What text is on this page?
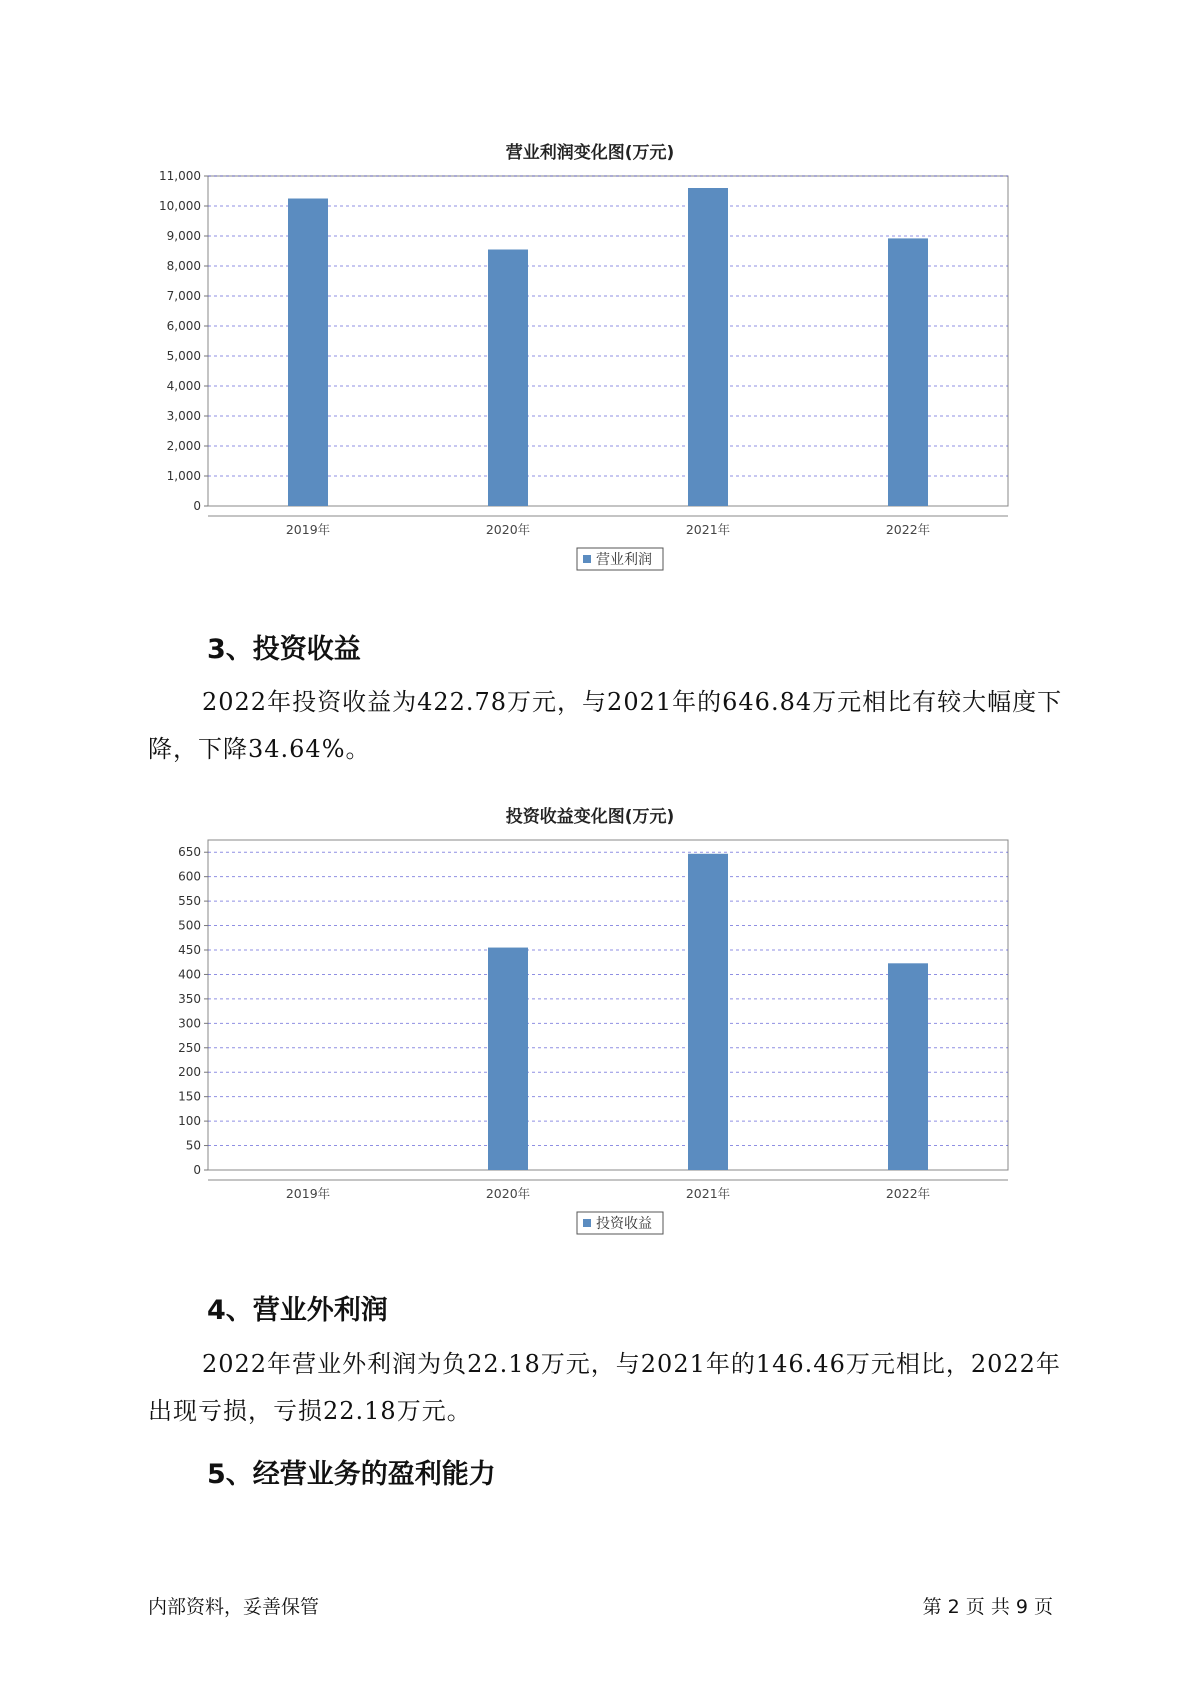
营业利润变化图(万元)
0
1,000
2,000
3,000
4,000
5,000
6,000
7,000
8,000
9,000
10,000
11,000
2019年	2020年	2021年	2022年
营业利润
3、投资收益
2022年投资收益为422.78万元，与2021年的646.84万元相比有较大幅度下降，下降34.64%。
投资收益变化图(万元)
0
50
100
150
200
250
300
350
400
450
500
550
600
650
2019年	2020年	2021年	2022年
投资收益
4、营业外利润
2022年营业外利润为负22.18万元，与2021年的146.46万元相比，2022年出现亏损，亏损22.18万元。
5、经营业务的盈利能力
内部资料，妥善保管	第 2 页 共 9 页
